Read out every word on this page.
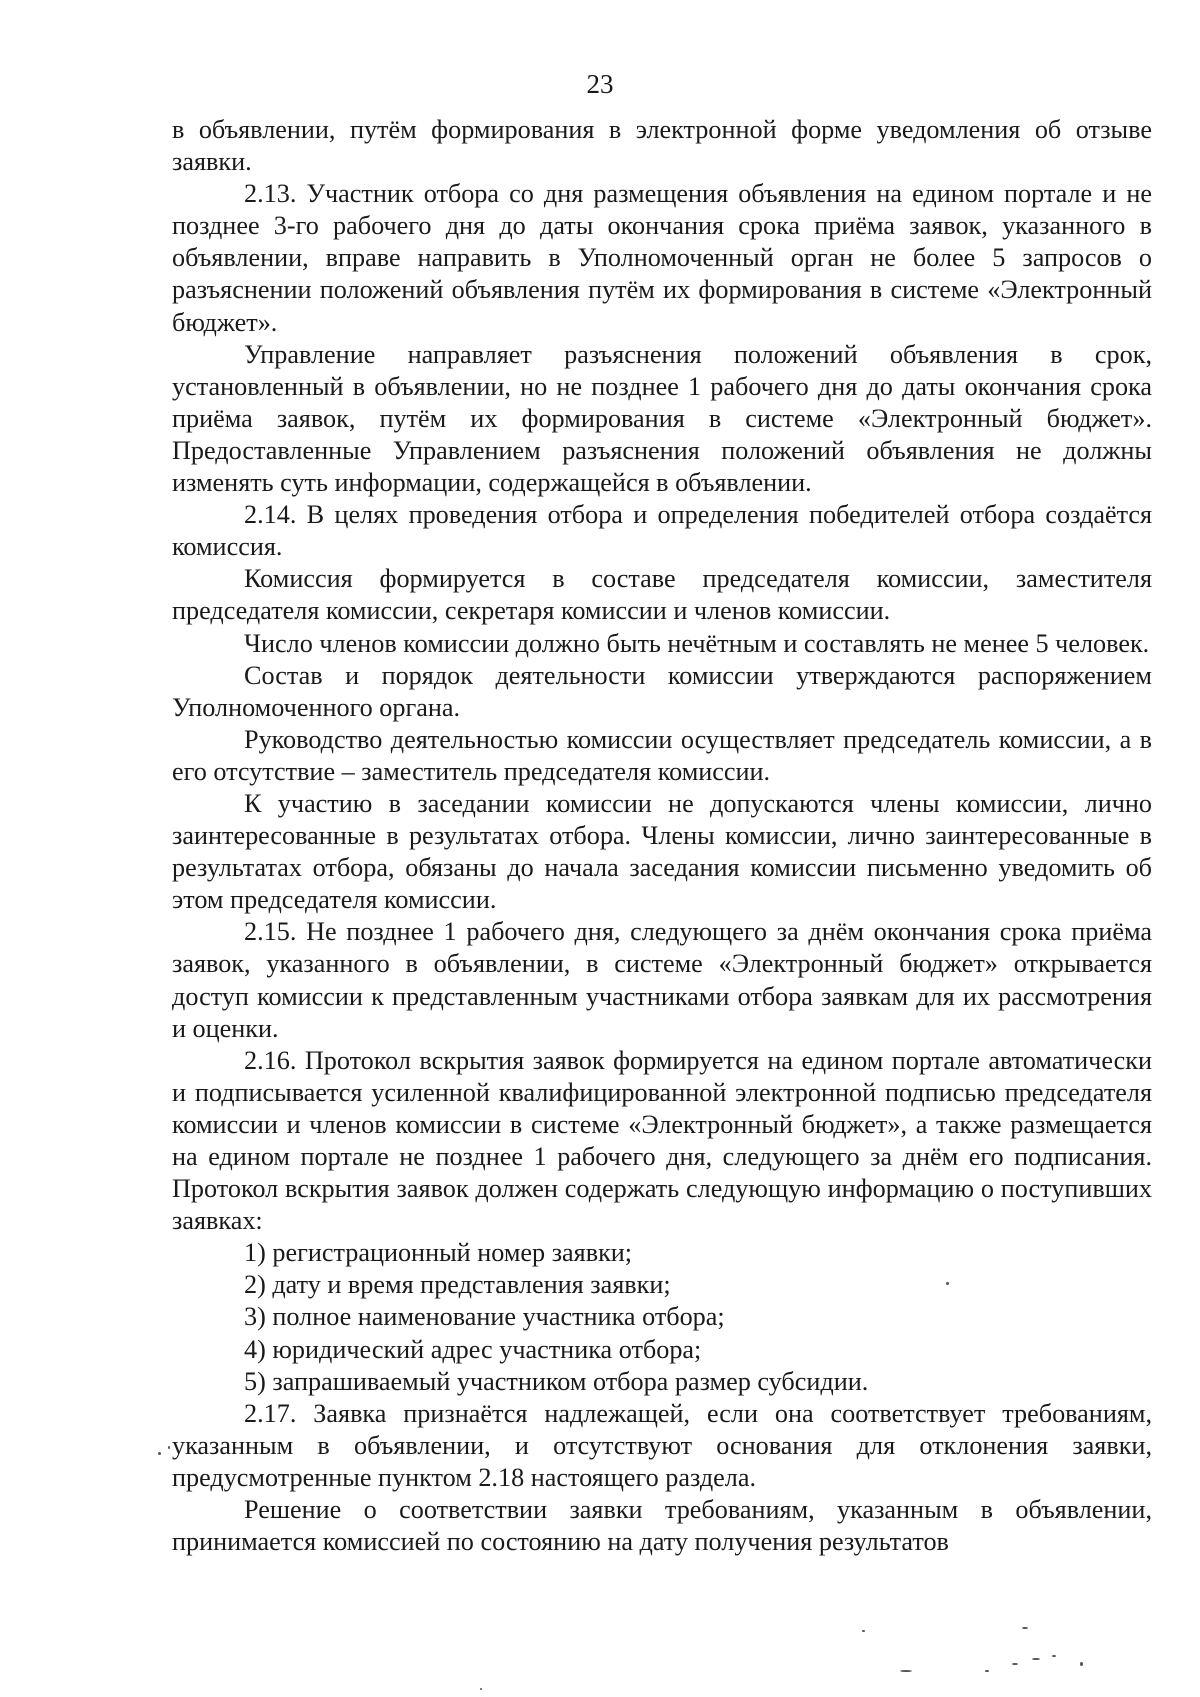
23

в объявлении, путём формирования в электронной форме уведомления об отзыве заявки.

2.13. Участник отбора со дня размещения объявления на едином портале и не позднее 3-го рабочего дня до даты окончания срока приёма заявок, указанного в объявлении, вправе направить в Уполномоченный орган не более 5 запросов о разъяснении положений объявления путём их формирования в системе «Электронный бюджет».

Управление направляет разъяснения положений объявления в срок, установленный в объявлении, но не позднее 1 рабочего дня до даты окончания срока приёма заявок, путём их формирования в системе «Электронный бюджет». Предоставленные Управлением разъяснения положений объявления не должны изменять суть информации, содержащейся в объявлении.

2.14. В целях проведения отбора и определения победителей отбора создаётся комиссия.

Комиссия формируется в составе председателя комиссии, заместителя председателя комиссии, секретаря комиссии и членов комиссии.

Число членов комиссии должно быть нечётным и составлять не менее 5 человек.

Состав и порядок деятельности комиссии утверждаются распоряжением Уполномоченного органа.

Руководство деятельностью комиссии осуществляет председатель комиссии, а в его отсутствие – заместитель председателя комиссии.

К участию в заседании комиссии не допускаются члены комиссии, лично заинтересованные в результатах отбора. Члены комиссии, лично заинтересованные в результатах отбора, обязаны до начала заседания комиссии письменно уведомить об этом председателя комиссии.

2.15. Не позднее 1 рабочего дня, следующего за днём окончания срока приёма заявок, указанного в объявлении, в системе «Электронный бюджет» открывается доступ комиссии к представленным участниками отбора заявкам для их рассмотрения и оценки.

2.16. Протокол вскрытия заявок формируется на едином портале автоматически и подписывается усиленной квалифицированной электронной подписью председателя комиссии и членов комиссии в системе «Электронный бюджет», а также размещается на едином портале не позднее 1 рабочего дня, следующего за днём его подписания. Протокол вскрытия заявок должен содержать следующую информацию о поступивших заявках:

1) регистрационный номер заявки;

2) дату и время представления заявки;

3) полное наименование участника отбора;

4) юридический адрес участника отбора;

5) запрашиваемый участником отбора размер субсидии.

2.17. Заявка признаётся надлежащей, если она соответствует требованиям, указанным в объявлении, и отсутствуют основания для отклонения заявки, предусмотренные пунктом 2.18 настоящего раздела.

Решение о соответствии заявки требованиям, указанным в объявлении, принимается комиссией по состоянию на дату получения результатов
